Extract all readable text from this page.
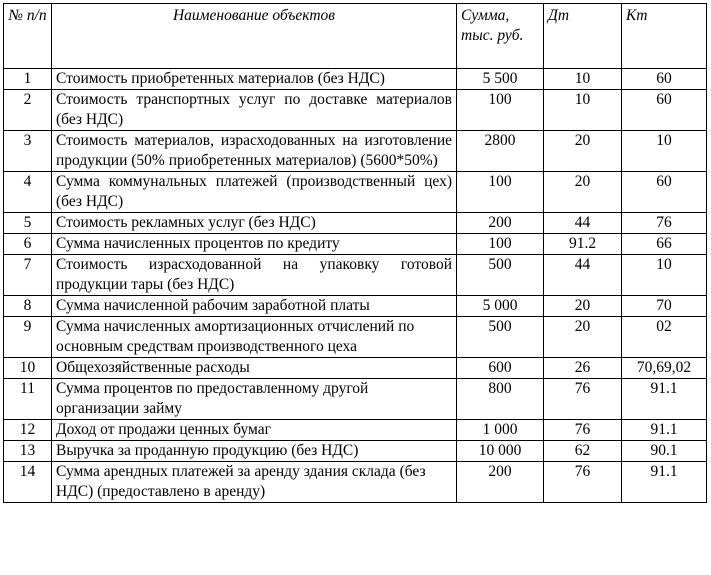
№ п/п	Наименование объектов	Сумма, тыс. руб.	Дт	Кт
1	Стоимость приобретенных материалов (без НДС)	5 500	10	60
2	Стоимость транспортных услуг по доставке материалов (без НДС)	100	10	60
3	Стоимость материалов, израсходованных на изготовление продукции (50% приобретенных материалов) (5600*50%)	2800	20	10
4	Сумма коммунальных платежей (производственный цех) (без НДС)	100	20	60
5	Стоимость рекламных услуг (без НДС)	200	44	76
6	Сумма начисленных процентов по кредиту	100	91.2	66
7	Стоимость израсходованной на упаковку готовой продукции тары (без НДС)	500	44	10
8	Сумма начисленной рабочим заработной платы	5 000	20	70
9	Сумма начисленных амортизационных отчислений по основным средствам производственного цеха	500	20	02
10	Общехозяйственные расходы	600	26	70,69,02
11	Сумма процентов по предоставленному другой организации займу	800	76	91.1
12	Доход от продажи ценных бумаг	1 000	76	91.1
13	Выручка за проданную продукцию (без НДС)	10 000	62	90.1
14	Сумма арендных платежей за аренду здания склада (без НДС) (предоставлено в аренду)	200	76	91.1
